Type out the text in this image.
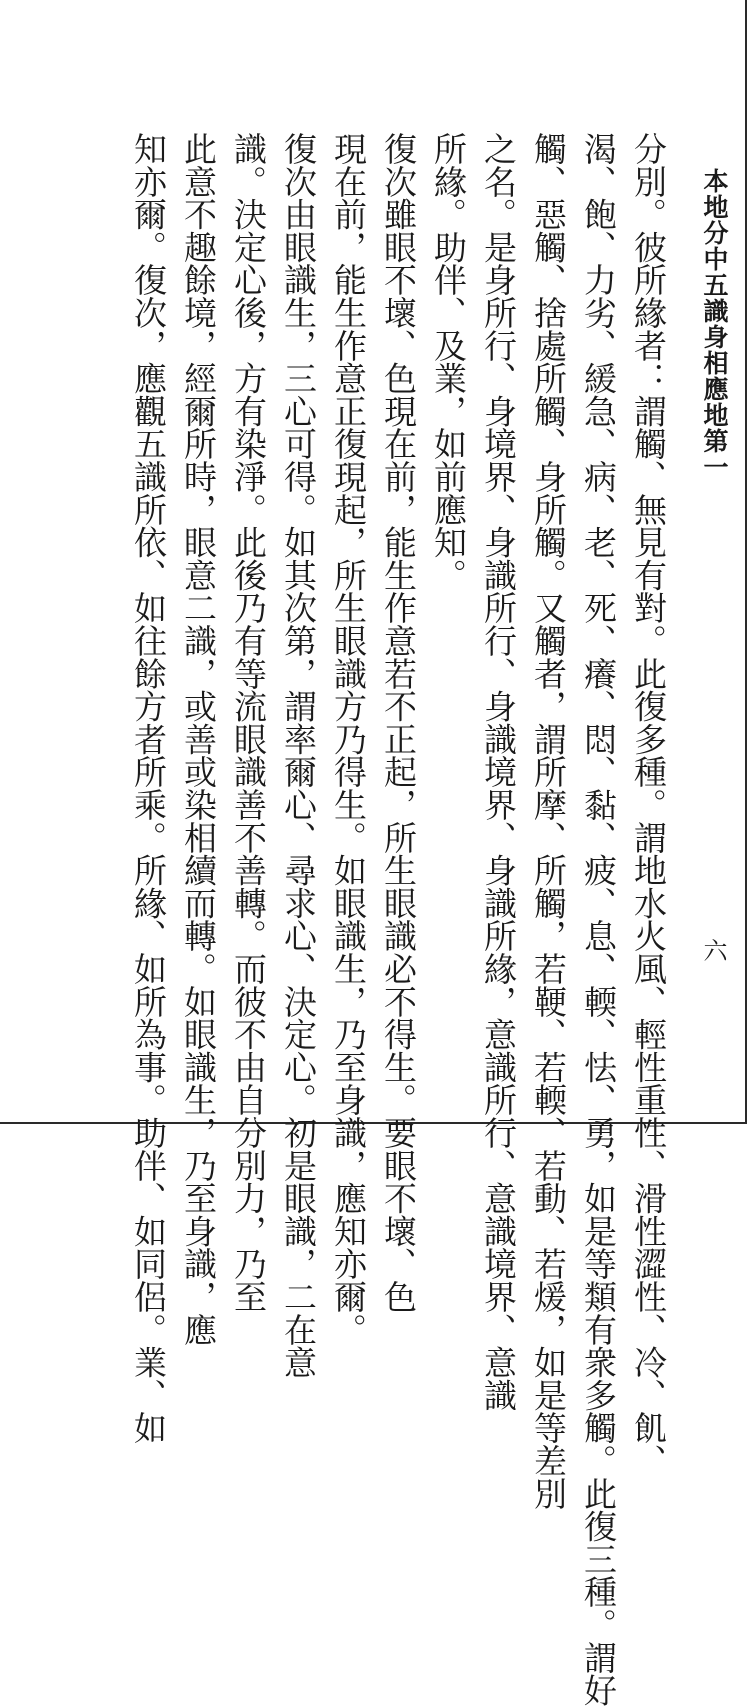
本地分中五識身相應地第一
六

分別。彼所緣者：謂觸、無見有對。此復多種。謂地水火風、輕性重性、滑性澀性、冷、飢、

渴、飽、力劣、緩急、病、老、死、癢、悶、黏、疲、息、輭、怯、勇，如是等類有衆多觸。此復三種。謂好

觸、惡觸、捨處所觸、身所觸。又觸者，謂所摩、所觸，若鞕、若輭、若動、若煖，如是等差別

之名。是身所行、身境界、身識所行、身識境界、身識所緣，意識所行、意識境界、意識

所緣。助伴、及業，如前應知。

復次雖眼不壞、色現在前，能生作意若不正起，所生眼識必不得生。要眼不壞、色

現在前，能生作意正復現起，所生眼識方乃得生。如眼識生，乃至身識，應知亦爾。

復次由眼識生，三心可得。如其次第，謂率爾心、尋求心、決定心。初是眼識，二在意

識。決定心後，方有染淨。此後乃有等流眼識善不善轉。而彼不由自分別力，乃至

此意不趣餘境，經爾所時，眼意二識，或善或染相續而轉。如眼識生，乃至身識，應

知亦爾。復次，應觀五識所依、如往餘方者所乘。所緣、如所為事。助伴、如同侶。業、如
